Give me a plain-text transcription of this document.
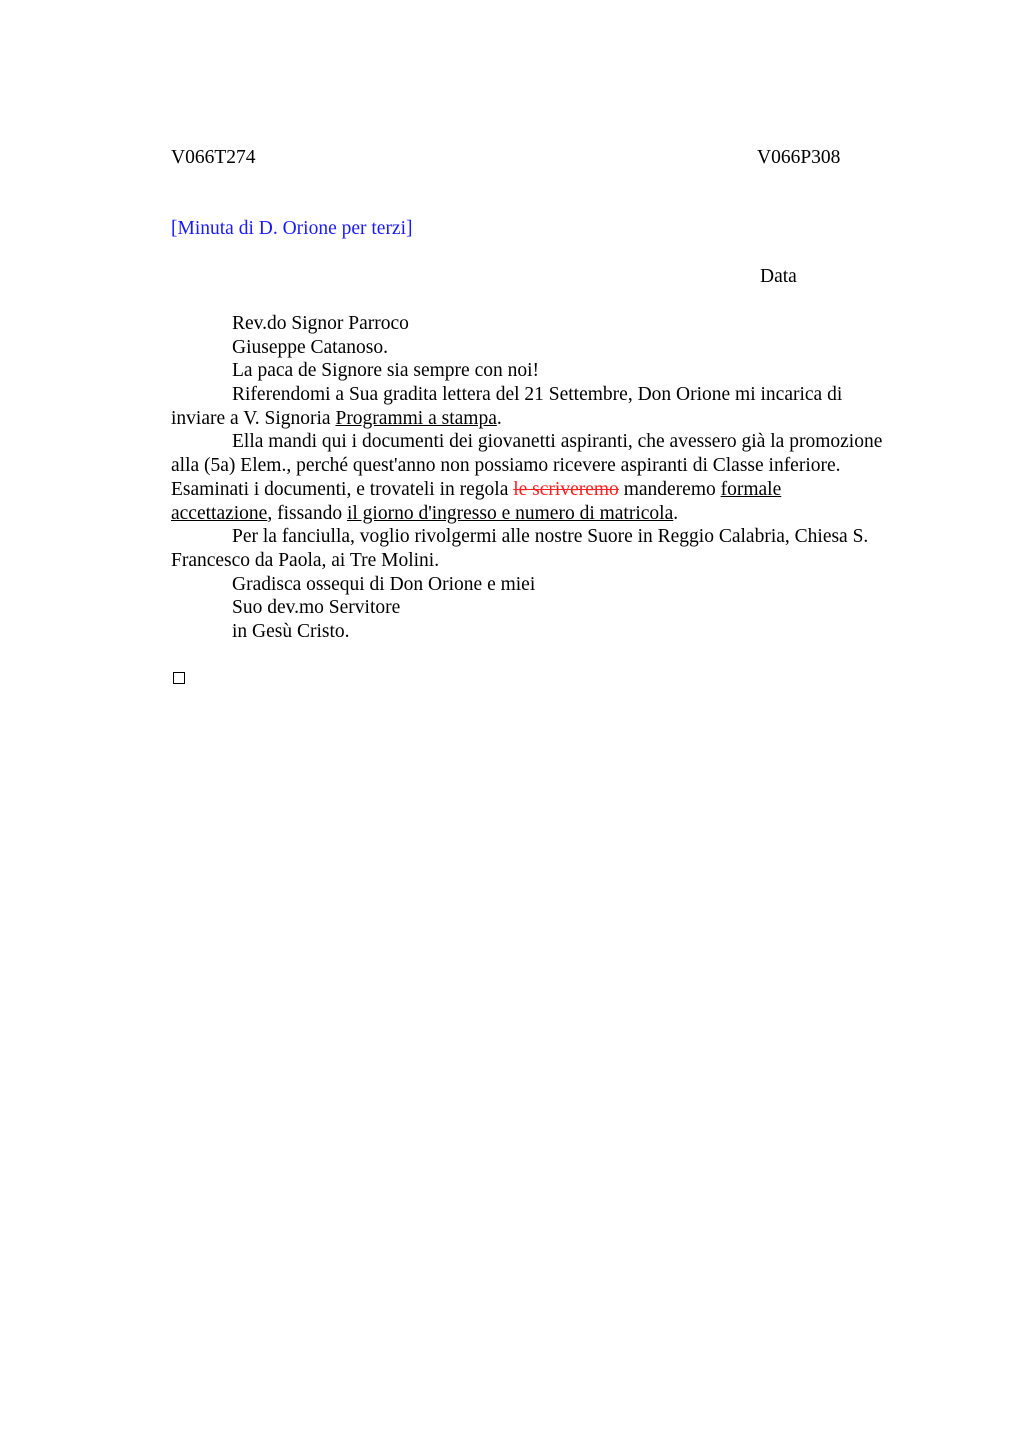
V066T274	V066P308
[Minuta di D. Orione per terzi]
Data
Rev.do Signor Parroco
Giuseppe Catanoso.
La paca de Signore sia sempre con noi!
Riferendomi a Sua gradita lettera del 21 Settembre, Don Orione mi incarica di
inviare a V. Signoria Programmi a stampa.
Ella mandi qui i documenti dei giovanetti aspiranti, che avessero già la promozione
alla (5a) Elem., perché quest'anno non possiamo ricevere aspiranti di Classe inferiore.
Esaminati i documenti, e trovateli in regola le scriveremo manderemo formale
accettazione, fissando il giorno d'ingresso e numero di matricola.
Per la fanciulla, voglio rivolgermi alle nostre Suore in Reggio Calabria, Chiesa S.
Francesco da Paola, ai Tre Molini.
Gradisca ossequi di Don Orione e miei
Suo dev.mo Servitore
in Gesù Cristo.
